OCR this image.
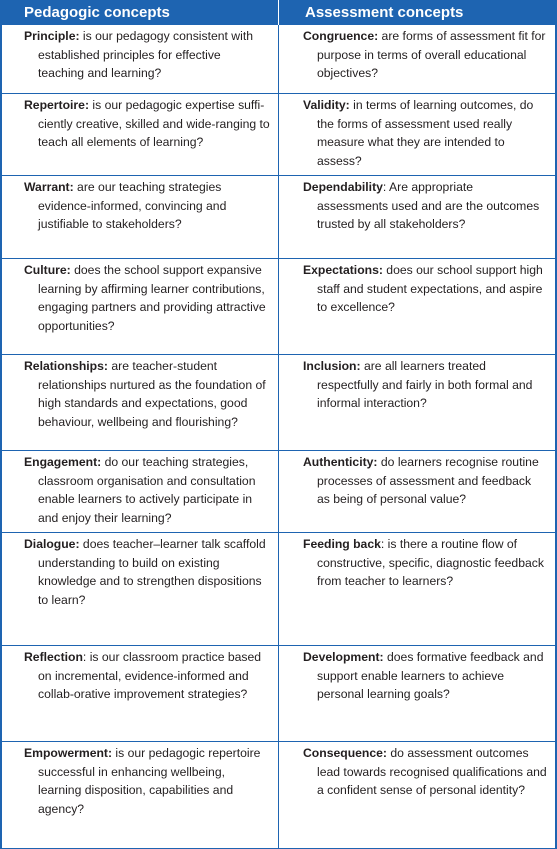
Pedagogic concepts	Assessment concepts
Principle: is our pedagogy consistent with established principles for effective teaching and learning?
Congruence: are forms of assessment fit for purpose in terms of overall educational objectives?
Repertoire: is our pedagogic expertise suffi-ciently creative, skilled and wide-ranging to teach all elements of learning?
Validity: in terms of learning outcomes, do the forms of assessment used really measure what they are intended to assess?
Warrant: are our teaching strategies evidence-informed, convincing and justifiable to stakeholders?
Dependability: Are appropriate assessments used and are the outcomes trusted by all stakeholders?
Culture: does the school support expansive learning by affirming learner contributions, engaging partners and providing attractive opportunities?
Expectations: does our school support high staff and student expectations, and aspire to excellence?
Relationships: are teacher-student relationships nurtured as the foundation of high standards and expectations, good behaviour, wellbeing and flourishing?
Inclusion: are all learners treated respectfully and fairly in both formal and informal interaction?
Engagement: do our teaching strategies, classroom organisation and consultation enable learners to actively participate in and enjoy their learning?
Authenticity: do learners recognise routine processes of assessment and feedback as being of personal value?
Dialogue: does teacher–learner talk scaffold understanding to build on existing knowledge and to strengthen dispositions to learn?
Feeding back: is there a routine flow of constructive, specific, diagnostic feedback from teacher to learners?
Reflection: is our classroom practice based on incremental, evidence-informed and collab-orative improvement strategies?
Development: does formative feedback and support enable learners to achieve personal learning goals?
Empowerment: is our pedagogic repertoire successful in enhancing wellbeing, learning disposition, capabilities and agency?
Consequence: do assessment outcomes lead towards recognised qualifications and a confident sense of personal identity?
